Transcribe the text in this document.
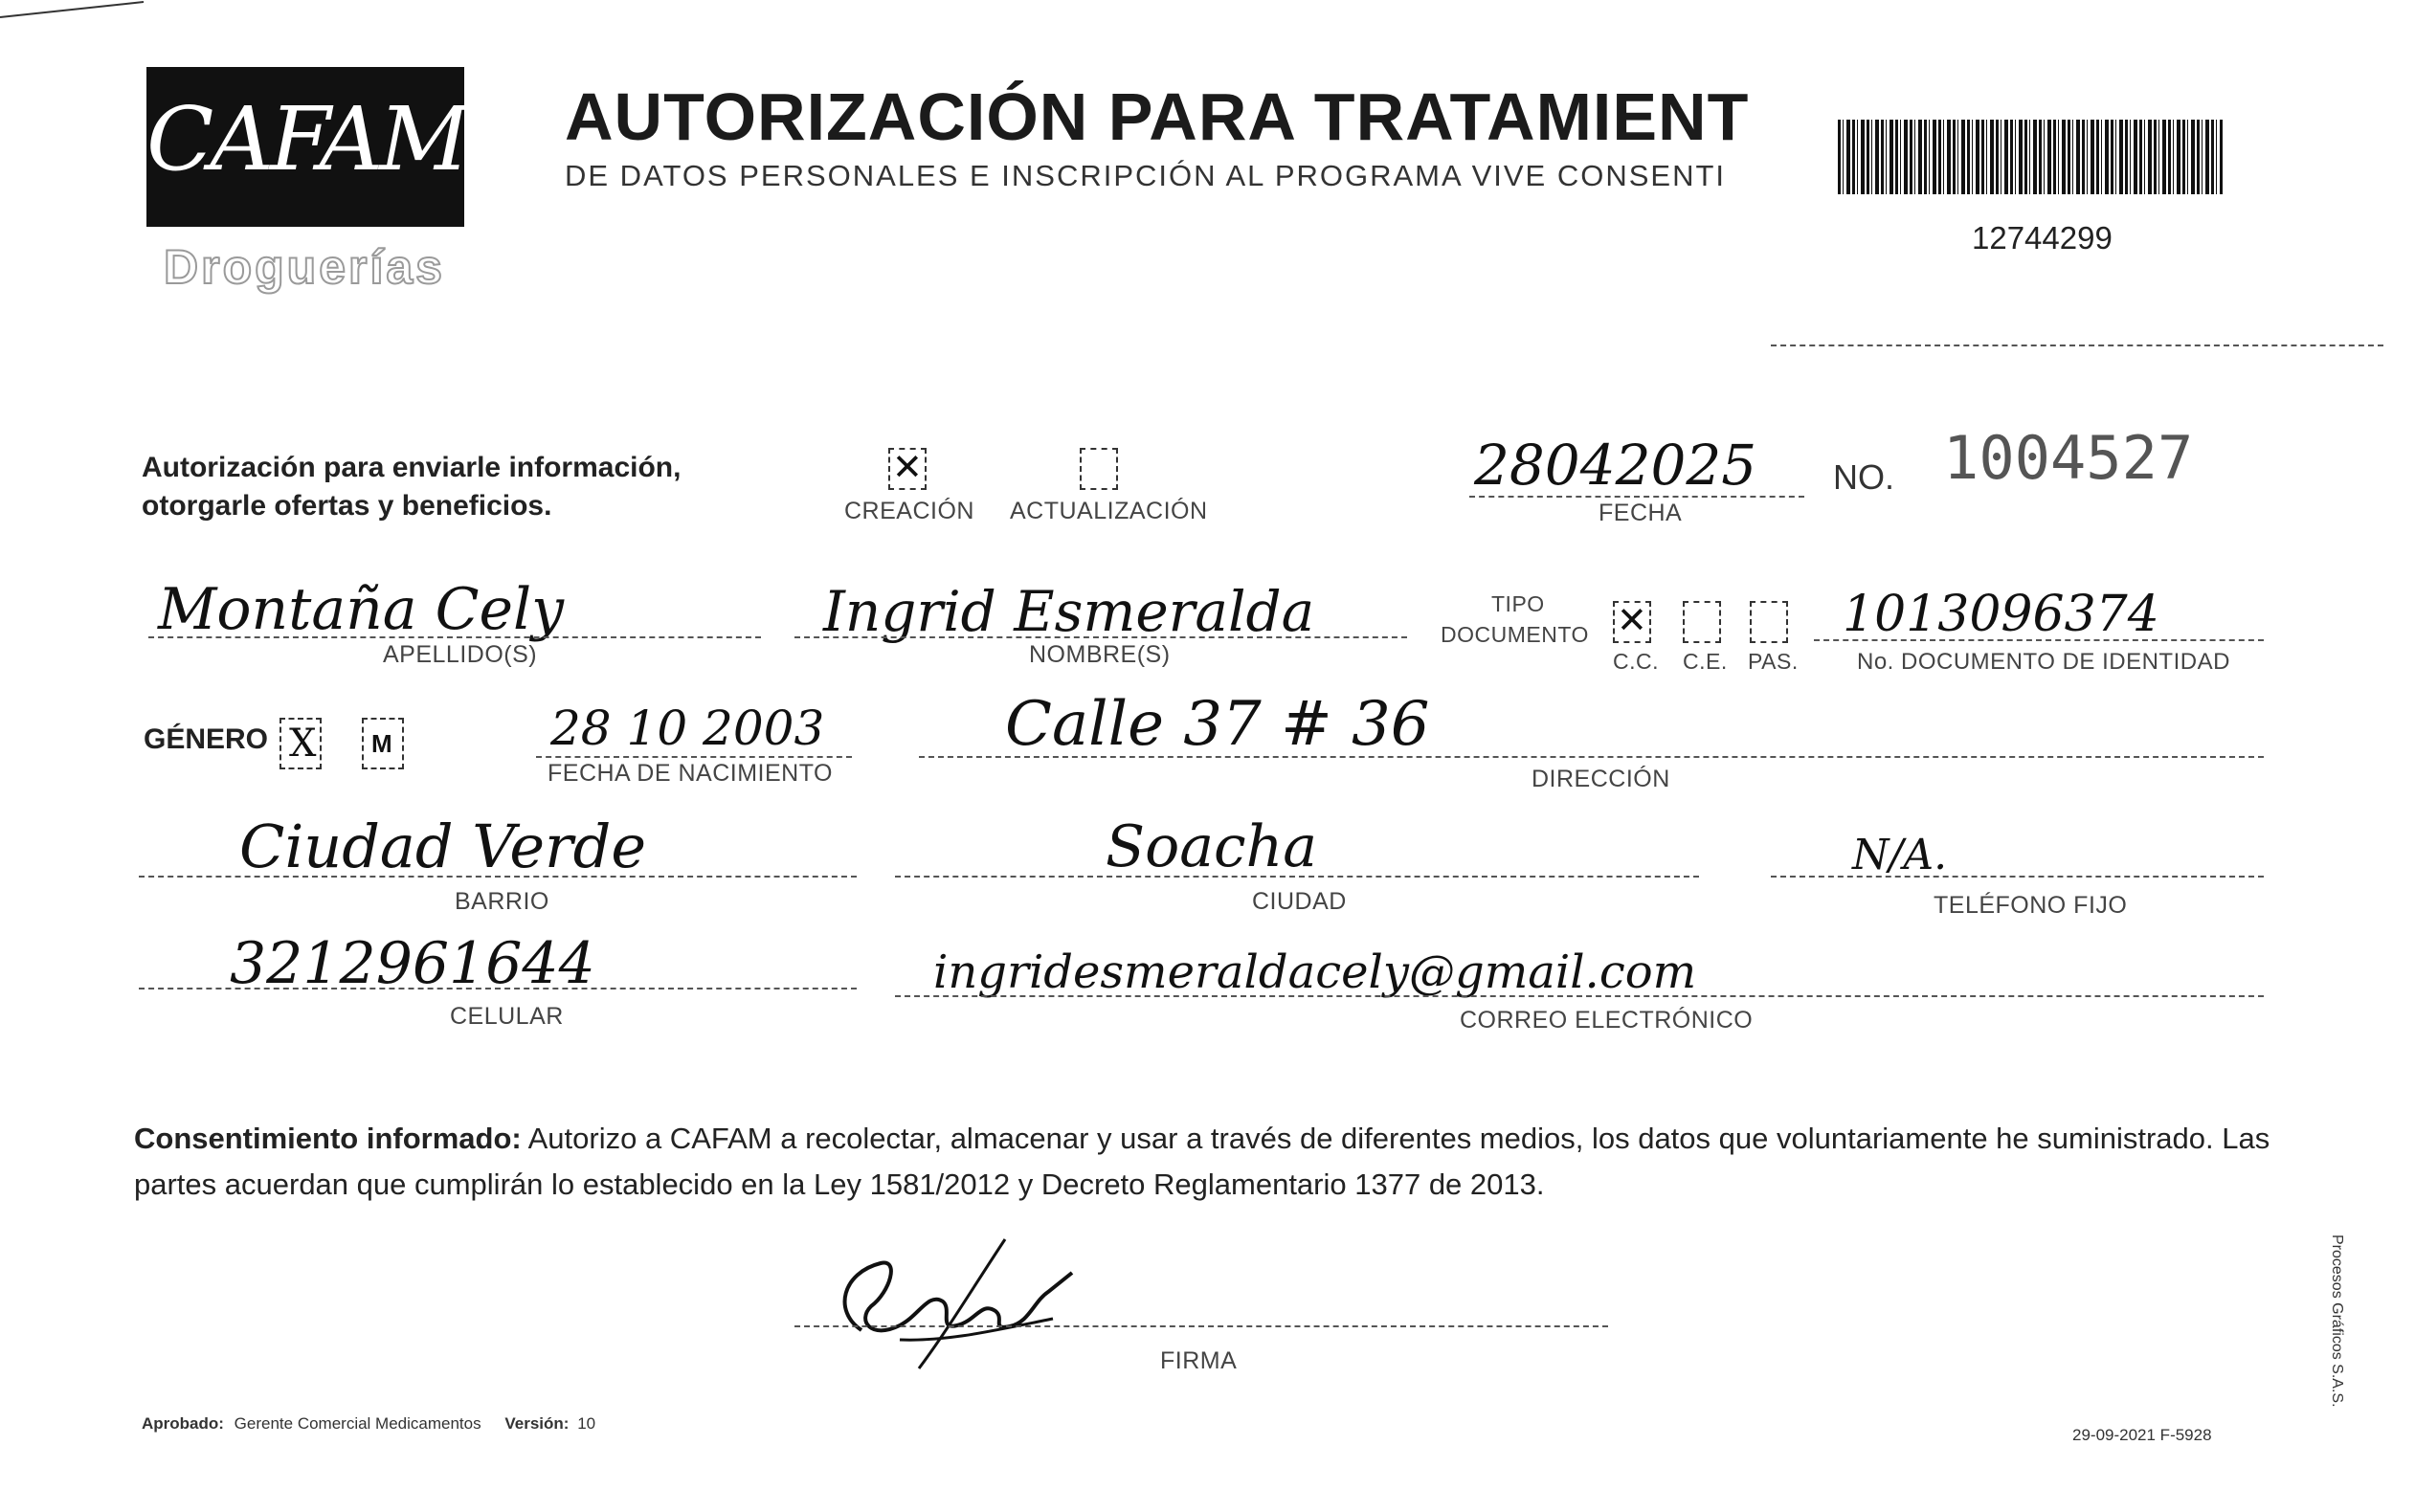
CAFAM
Droguerías
AUTORIZACIÓN PARA TRATAMIENT
DE DATOS PERSONALES E INSCRIPCIÓN AL PROGRAMA VIVE CONSENTI
12744299
Autorización para enviarle información,
otorgarle ofertas y beneficios.
✕	CREACIÓN ACTUALIZACIÓN
28042025
FECHA
NO. 1004527
Montaña Cely
APELLIDO(S)
Ingrid Esmeralda
NOMBRE(S)
TIPO
DOCUMENTO
✕
C.C. C.E. PAS.
1013096374
No. DOCUMENTO DE IDENTIDAD
GÉNERO X M	28 10 2003
FECHA DE NACIMIENTO
Calle 37 # 36
DIRECCIÓN
Ciudad Verde
BARRIO
Soacha
CIUDAD
N/A.
TELÉFONO FIJO
3212961644
CELULAR
ingridesmeraldacely@gmail.com
CORREO ELECTRÓNICO
Consentimiento informado: Autorizo a CAFAM a recolectar, almacenar y usar a través de diferentes medios, los datos que voluntariamente he suministrado. Las partes acuerdan que cumplirán lo establecido en la Ley 1581/2012 y Decreto Reglamentario 1377 de 2013.
FIRMA
Aprobado: Gerente Comercial Medicamentos Versión: 10
29-09-2021 F-5928
Procesos Gráficos S.A.S.
